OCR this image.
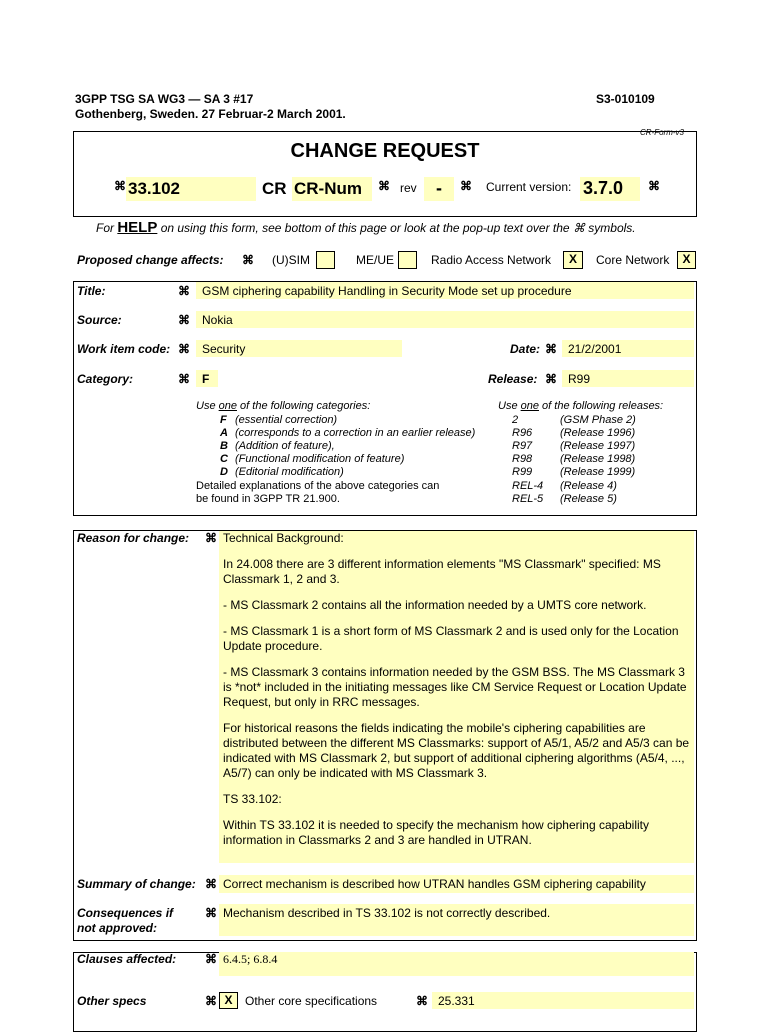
3GPP TSG SA WG3 — SA 3 #17
Gothenberg, Sweden. 27 Februar-2 March 2001.
S3-010109
CR-Form-v3
CHANGE REQUEST
⌘ 33.102	CR CR-Num ⌘ rev	-	⌘ Current version: 3.7.0 ⌘
For HELP on using this form, see bottom of this page or look at the pop-up text over the ⌘ symbols.
Proposed change affects: ⌘ (U)SIM	ME/UE	Radio Access Network	X	Core Network	X
Title:	⌘ GSM ciphering capability Handling in Security Mode set up procedure
Source:	⌘ Nokia
Work item code: ⌘ Security	Date: ⌘ 21/2/2001
Category:	⌘ F	Release: ⌘ R99
Use one of the following categories:
F (essential correction)
A (corresponds to a correction in an earlier release)
B (Addition of feature),
C (Functional modification of feature)
D (Editorial modification)
Detailed explanations of the above categories can
be found in 3GPP TR 21.900.
Use one of the following releases:
2	(GSM Phase 2)
R96	(Release 1996)
R97	(Release 1997)
R98	(Release 1998)
R99	(Release 1999)
REL-4 (Release 4)
REL-5 (Release 5)
Reason for change: ⌘ Technical Background:
In 24.008 there are 3 different information elements "MS Classmark" specified: MS Classmark 1, 2 and 3.
- MS Classmark 2 contains all the information needed by a UMTS core network.
- MS Classmark 1 is a short form of MS Classmark 2 and is used only for the Location Update procedure.
- MS Classmark 3 contains information needed by the GSM BSS. The MS Classmark 3 is *not* included in the initiating messages like CM Service Request or Location Update Request, but only in RRC messages.
For historical reasons the fields indicating the mobile's ciphering capabilities are distributed between the different MS Classmarks: support of A5/1, A5/2 and A5/3 can be indicated with MS Classmark 2, but support of additional ciphering algorithms (A5/4, ..., A5/7) can only be indicated with MS Classmark 3.
TS 33.102:
Within TS 33.102 it is needed to specify the mechanism how ciphering capability information in Classmarks 2 and 3 are handled in UTRAN.
Summary of change: ⌘ Correct mechanism is described how UTRAN handles GSM ciphering capability
Consequences if
not approved:
⌘ Mechanism described in TS 33.102 is not correctly described.
Clauses affected: ⌘ 6.4.5; 6.8.4
Other specs	⌘ X	Other core specifications	⌘ 25.331
